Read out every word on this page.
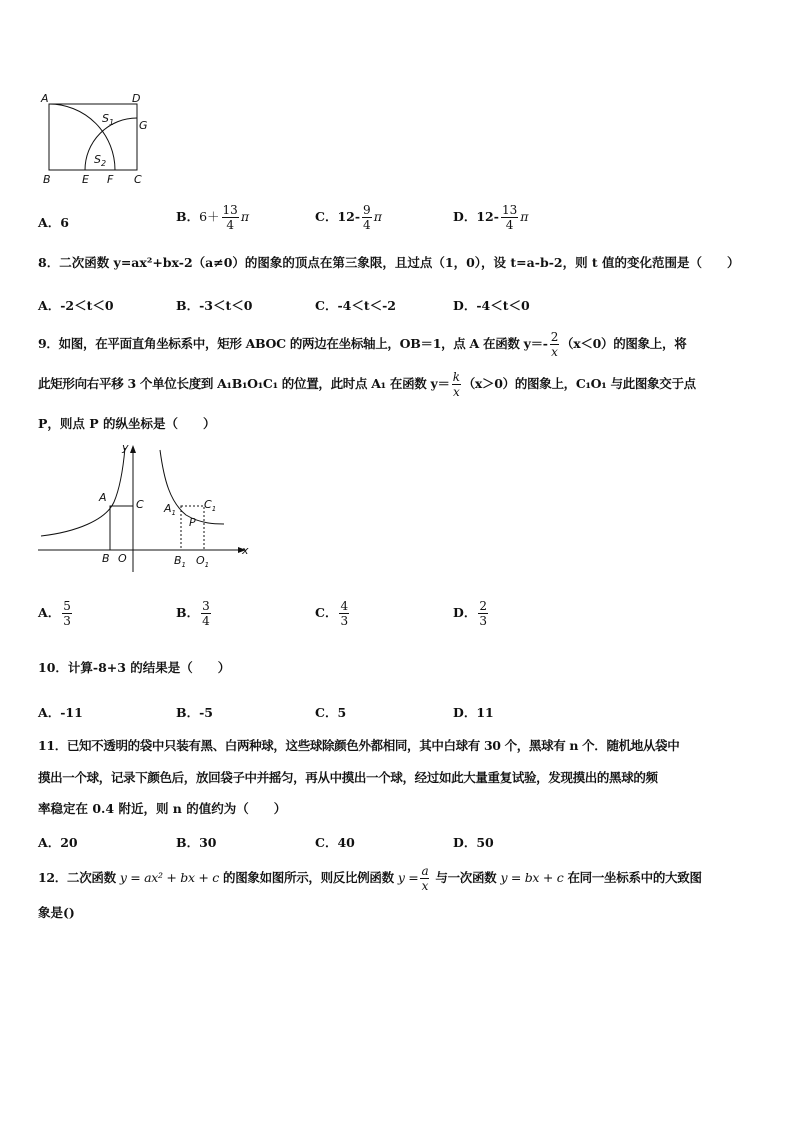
A	D
B	E F C
G
$S_1$
$S_2$
A．6	B．$6+ \frac{13}{4}$ π	C．$12- \frac{9}{4}$ π	D．$12- \frac{13}{4}$ π
8．二次函数 y=ax²+bx-2（a≠0）的图象的顶点在第三象限，且过点（1，0），设 t=a-b-2，则 t 值的变化范围是（　　）
A．-2＜t＜0	B．-3＜t＜0	C．-4＜t＜-2	D．-4＜t＜0
9．如图，在平面直角坐标系中，矩形 ABOC 的两边在坐标轴上，OB＝1，点 A 在函数 $y=- \frac{2}{x} (x<0)$的图象上，将
此矩形向右平移 3 个单位长度到 A₁B₁O₁C₁ 的位置，此时点 A₁ 在函数 $y= \frac{k}{x} (x>0)$的图象上，C₁O₁ 与此图象交于点
P，则点 P 的纵坐标是（　　）
y
x
A
C
B O
$A_1$
$C_1$
P
$B_1$ $O_1$
A． $\frac{5}{3}$	B． $\frac{3}{4}$	C． $\frac{4}{3}$	D． $\frac{2}{3}$
10．计算-8+3 的结果是（　　）
A．-11	B．-5	C．5	D．11
11．已知不透明的袋中只装有黑、白两种球，这些球除颜色外都相同，其中白球有 30 个，黑球有 n 个．随机地从袋中
摸出一个球，记录下颜色后，放回袋子中并摇匀，再从中摸出一个球，经过如此大量重复试验，发现摸出的黑球的频
率稳定在 0.4 附近，则 n 的值约为（　　）
A．20	B．30	C．40	D．50
12．二次函数 y = ax² + bx + c 的图象如图所示，则反比例函数 $y = \frac{a}{x}$ 与一次函数 y = bx + c 在同一坐标系中的大致图
象是()
